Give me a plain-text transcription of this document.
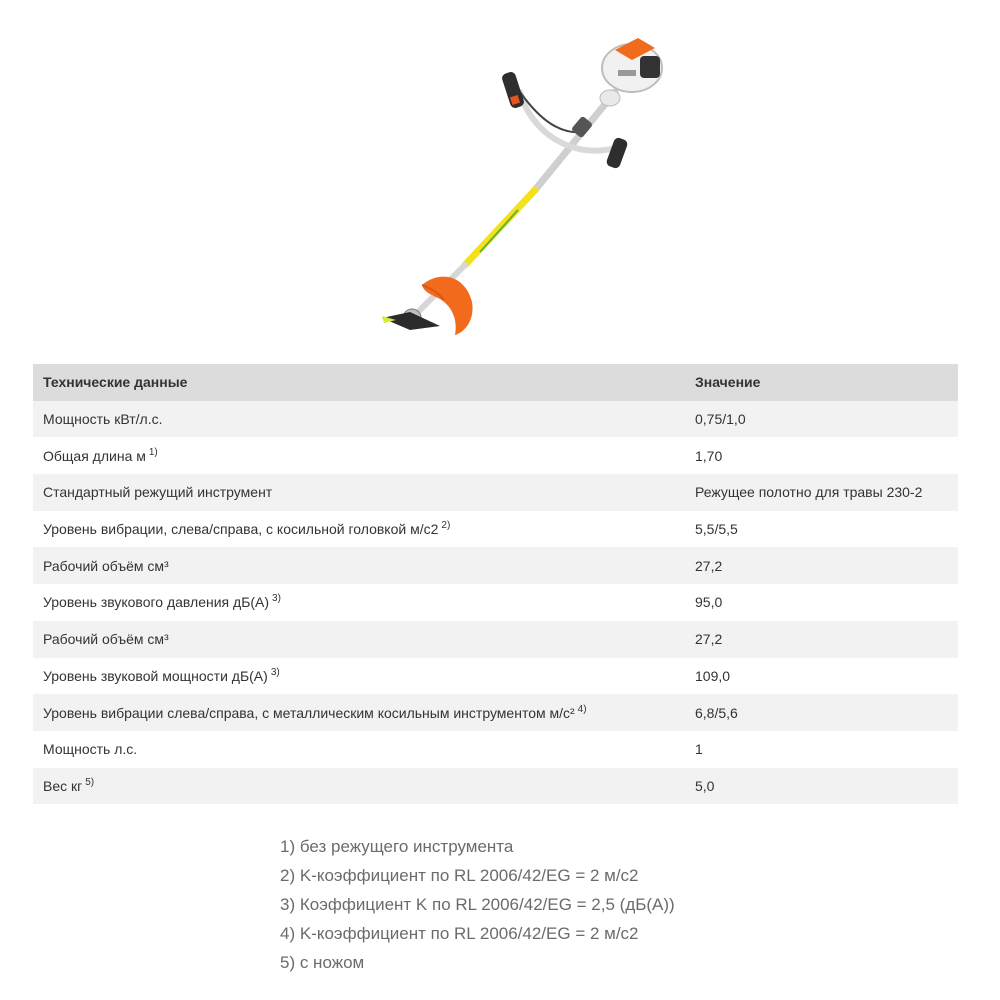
Технические данные	Значение
Мощность кВт/л.с.	0,75/1,0
Общая длина м $^{1)}$	1,70
Стандартный режущий инструмент	Режущее полотно для травы 230-2
Уровень вибрации, слева/справа, с косильной головкой м/с2 $^{2)}$	5,5/5,5
Рабочий объём см³	27,2
Уровень звукового давления дБ(А) $^{3)}$	95,0
Рабочий объём см³	27,2
Уровень звуковой мощности дБ(А) $^{3)}$	109,0
Уровень вибрации слева/справа, с металлическим косильным инструментом м/с² $^{4)}$	6,8/5,6
Мощность л.с.	1
Вес кг $^{5)}$	5,0
1) без режущего инструмента
2) K-коэффициент по RL 2006/42/EG = 2 м/с2
3) Коэффициент K по RL 2006/42/EG = 2,5 (дБ(А))
4) K-коэффициент по RL 2006/42/EG = 2 м/с2
5) с ножом
